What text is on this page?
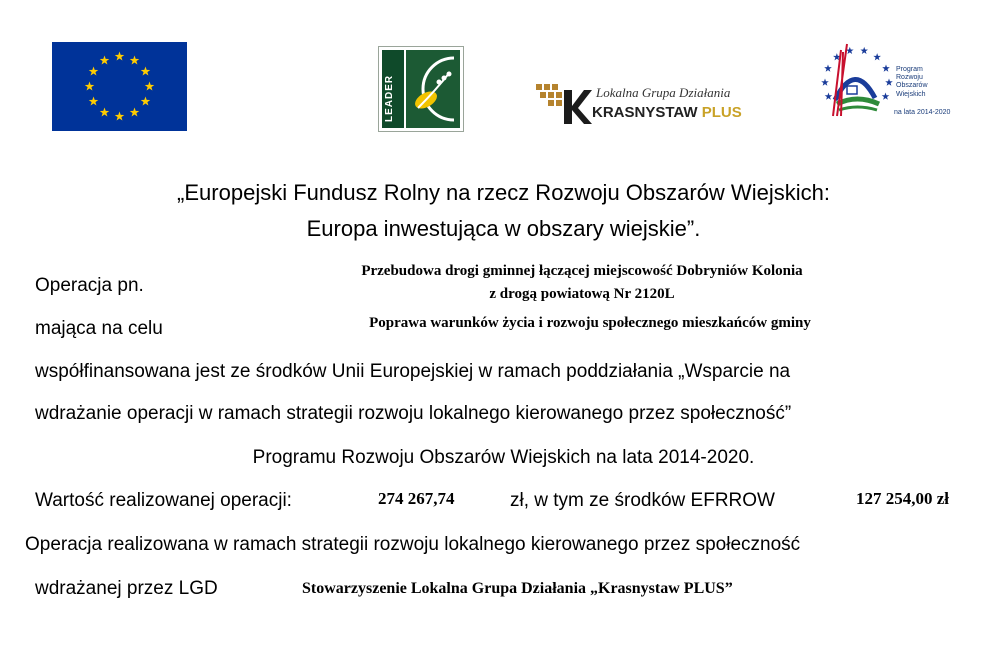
LEADER	Lokalna Grupa Działania
KRASNYSTAW PLUS
Program
Rozwoju
Obszarów
Wiejskich
na lata 2014-2020
„Europejski Fundusz Rolny na rzecz Rozwoju Obszarów Wiejskich:
Europa inwestująca w obszary wiejskie”.
Operacja pn.
Przebudowa drogi gminnej łączącej miejscowość Dobryniów Kolonia
z drogą powiatową Nr 2120L
mająca na celu	Poprawa warunków życia i rozwoju społecznego mieszkańców gminy
współfinansowana jest ze środków Unii Europejskiej w ramach poddziałania „Wsparcie na
wdrażanie operacji w ramach strategii rozwoju lokalnego kierowanego przez społeczność”
Programu Rozwoju Obszarów Wiejskich na lata 2014-2020.
Wartość realizowanej operacji:	274 267,74	zł, w tym ze środków EFRROW	127 254,00 zł
Operacja realizowana w ramach strategii rozwoju lokalnego kierowanego przez społeczność
wdrażanej przez LGD	Stowarzyszenie Lokalna Grupa Działania „Krasnystaw PLUS”
